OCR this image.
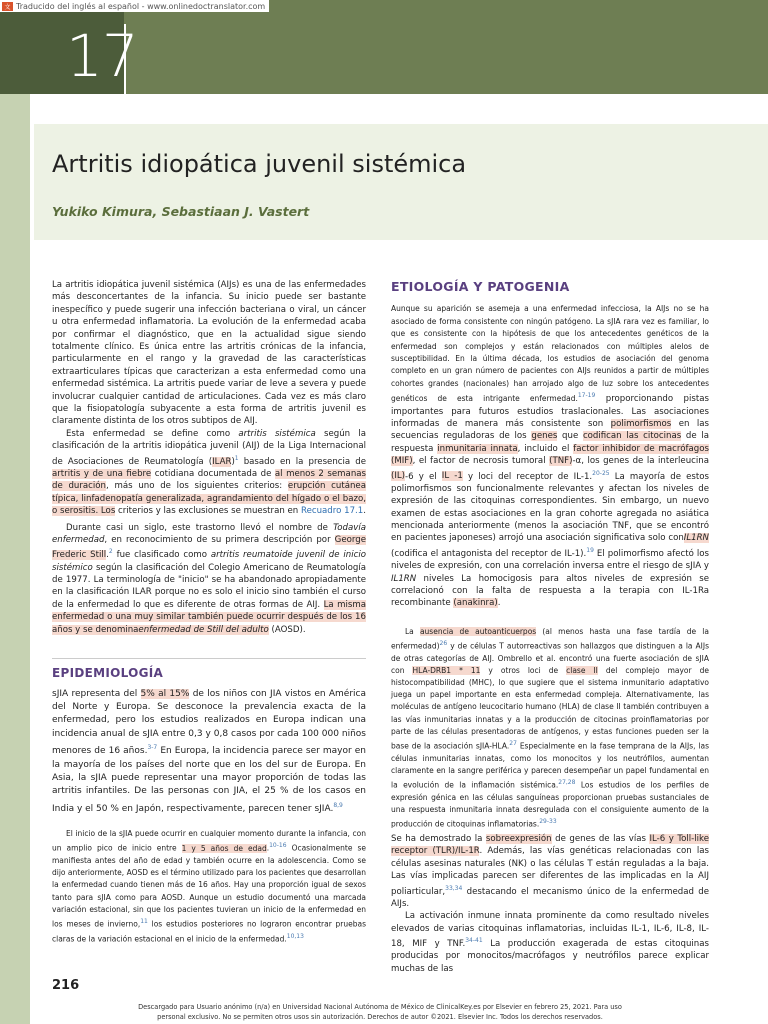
17
文 Traducido del inglés al español - www.onlinedoctranslator.com
Artritis idiopática juvenil sistémica
Yukiko Kimura, Sebastiaan J. Vastert

La artritis idiopática juvenil sistémica (AIJs) es una de las enfermedades más desconcertantes de la infancia. Su inicio puede ser bastante inespecífico y puede sugerir una infección bacteriana o viral, un cáncer u otra enfermedad inflamatoria. La evolución de la enfermedad acaba por confirmar el diagnóstico, que en la actualidad sigue siendo totalmente clínico. Es única entre las artritis crónicas de la infancia, particularmente en el rango y la gravedad de las características extraarticulares típicas que caracterizan a esta enfermedad como una enfermedad sistémica. La artritis puede variar de leve a severa y puede involucrar cualquier cantidad de articulaciones. Cada vez es más claro que la fisiopatología subyacente a esta forma de artritis juvenil es claramente distinta de los otros subtipos de AIJ.

Esta enfermedad se define como artritis sistémica según la clasificación de la artritis idiopática juvenil (AIJ) de la Liga Internacional de Asociaciones de Reumatología (ILAR)$^1$ basado en la presencia de artritis y de una fiebre cotidiana documentada de al menos 2 semanas de duración, más uno de los siguientes criterios: erupción cutánea típica, linfadenopatía generalizada, agrandamiento del hígado o el bazo, o serositis. Los criterios y las exclusiones se muestran en Recuadro 17.1.

Durante casi un siglo, este trastorno llevó el nombre de Todavía enfermedad, en reconocimiento de su primera descripción por George Frederic Still.$^2$ fue clasificado como artritis reumatoide juvenil de inicio sistémico según la clasificación del Colegio Americano de Reumatología de 1977. La terminología de "inicio" se ha abandonado apropiadamente en la clasificación ILAR porque no es solo el inicio sino también el curso de la enfermedad lo que es diferente de otras formas de AIJ. La misma enfermedad o una muy similar también puede ocurrir después de los 16 años y se denominaenfermedad de Still del adulto (AOSD).

EPIDEMIOLOGÍA

sJIA representa del 5% al 15% de los niños con JIA vistos en América del Norte y Europa. Se desconoce la prevalencia exacta de la enfermedad, pero los estudios realizados en Europa indican una incidencia anual de sJIA entre 0,3 y 0,8 casos por cada 100 000 niños menores de 16 años.$^{3-7}$ En Europa, la incidencia parece ser mayor en la mayoría de los países del norte que en los del sur de Europa. En Asia, la sJIA puede representar una mayor proporción de todas las artritis infantiles. De las personas con JIA, el 25 % de los casos en India y el 50 % en Japón, respectivamente, parecen tener sJIA.$^{8,9}$

El inicio de la sJIA puede ocurrir en cualquier momento durante la infancia, con un amplio pico de inicio entre 1 y 5 años de edad.$^{10-16}$ Ocasionalmente se manifiesta antes del año de edad y también ocurre en la adolescencia. Como se dijo anteriormente, AOSD es el término utilizado para los pacientes que desarrollan la enfermedad cuando tienen más de 16 años. Hay una proporción igual de sexos tanto para sJIA como para AOSD. Aunque un estudio documentó una marcada variación estacional, sin que los pacientes tuvieran un inicio de la enfermedad en los meses de invierno,$^{11}$ los estudios posteriores no lograron encontrar pruebas claras de la variación estacional en el inicio de la enfermedad.$^{10,13}$

ETIOLOGÍA Y PATOGENIA

Aunque su aparición se asemeja a una enfermedad infecciosa, la AIJs no se ha asociado de forma consistente con ningún patógeno. La sJIA rara vez es familiar, lo que es consistente con la hipótesis de que los antecedentes genéticos de la enfermedad son complejos y están relacionados con múltiples alelos de susceptibilidad. En la última década, los estudios de asociación del genoma completo en un gran número de pacientes con AIJs reunidos a partir de múltiples cohortes grandes (nacionales) han arrojado algo de luz sobre los antecedentes genéticos de esta intrigante enfermedad.$^{17-19}$ proporcionando pistas importantes para futuros estudios traslacionales. Las asociaciones informadas de manera más consistente son polimorfismos en las secuencias reguladoras de los genes que codifican las citocinas de la respuesta inmunitaria innata, incluido el factor inhibidor de macrófagos (MIF), el factor de necrosis tumoral (TNF)-α, los genes de la interleucina (IL)-6 y el IL -1 y loci del receptor de IL-1.$^{20-25}$ La mayoría de estos polimorfismos son funcionalmente relevantes y afectan los niveles de expresión de las citoquinas correspondientes. Sin embargo, un nuevo examen de estas asociaciones en la gran cohorte agregada no asiática mencionada anteriormente (menos la asociación TNF, que se encontró en pacientes japoneses) arrojó una asociación significativa solo conIL1RN (codifica el antagonista del receptor de IL-1).$^{19}$ El polimorfismo afectó los niveles de expresión, con una correlación inversa entre el riesgo de sJIA y IL1RN niveles La homocigosis para altos niveles de expresión se correlacionó con la falta de respuesta a la terapia con IL-1Ra recombinante (anakinra).

La ausencia de autoanticuerpos (al menos hasta una fase tardía de la enfermedad)$^{26}$ y de células T autorreactivas son hallazgos que distinguen a la AIJs de otras categorías de AIJ. Ombrello et al. encontró una fuerte asociación de sJIA con HLA-DRB1 * 11 y otros loci de clase II del complejo mayor de histocompatibilidad (MHC), lo que sugiere que el sistema inmunitario adaptativo juega un papel importante en esta enfermedad compleja. Alternativamente, las moléculas de antígeno leucocitario humano (HLA) de clase II también contribuyen a las vías inmunitarias innatas y a la producción de citocinas proinflamatorias por parte de las células presentadoras de antígenos, y estas funciones pueden ser la base de la asociación sJIA-HLA.$^{27}$ Especialmente en la fase temprana de la AIJs, las células inmunitarias innatas, como los monocitos y los neutrófilos, aumentan claramente en la sangre periférica y parecen desempeñar un papel fundamental en la evolución de la inflamación sistémica.$^{27,28}$ Los estudios de los perfiles de expresión génica en las células sanguíneas proporcionan pruebas sustanciales de una respuesta inmunitaria innata desregulada con el consiguiente aumento de la producción de citoquinas inflamatorias.$^{29-33}$

Se ha demostrado la sobreexpresión de genes de las vías IL-6 y Toll-like receptor (TLR)/IL-1R. Además, las vías genéticas relacionadas con las células asesinas naturales (NK) o las células T están reguladas a la baja. Las vías implicadas parecen ser diferentes de las implicadas en la AIJ poliarticular,$^{33,34}$ destacando el mecanismo único de la enfermedad de AIJs.

La activación inmune innata prominente da como resultado niveles elevados de varias citoquinas inflamatorias, incluidas IL-1, IL-6, IL-8, IL-18, MIF y TNF.$^{34-41}$ La producción exagerada de estas citoquinas producidas por monocitos/macrófagos y neutrófilos parece explicar muchas de las

216
Descargado para Usuario anónimo (n/a) en Universidad Nacional Autónoma de México de ClinicalKey.es por Elsevier en febrero 25, 2021. Para uso
personal exclusivo. No se permiten otros usos sin autorización. Derechos de autor ©2021. Elsevier Inc. Todos los derechos reservados.
